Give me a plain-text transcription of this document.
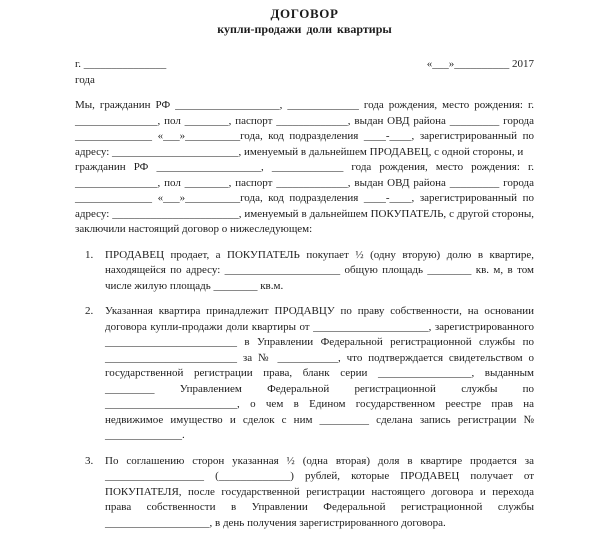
ДОГОВОР
купли-продажи доли квартиры
г. _______________	«___»__________ 2017
года

Мы, гражданин РФ ___________________, _____________ года рождения, место рождения: г. _______________, пол ________, паспорт _____________, выдан ОВД района _________ города ______________ «___»__________года, код подразделения ____-____, зарегистрированный по адресу: _______________________, именуемый в дальнейшем ПРОДАВЕЦ, с одной стороны, и
гражданин РФ ___________________, _____________ года рождения, место рождения: г. _______________, пол ________, паспорт _____________, выдан ОВД района _________ города ______________ «___»__________года, код подразделения ____-____, зарегистрированный по адресу: _______________________, именуемый в дальнейшем ПОКУПАТЕЛЬ, с другой стороны, заключили настоящий договор о нижеследующем:

1.	ПРОДАВЕЦ продает, а ПОКУПАТЕЛЬ покупает ½ (одну вторую) долю в квартире, находящейся по адресу: _____________________ общую площадь ________ кв. м, в том числе жилую площадь ________ кв.м.

2.	Указанная квартира принадлежит ПРОДАВЦУ по праву собственности, на основании договора купли-продажи доли квартиры от _____________________, зарегистрированного ________________________ в Управлении Федеральной регистрационной службы по ________________________ за № ___________, что подтверждается свидетельством о государственной регистрации права, бланк серии _________________, выданным _________ Управлением Федеральной регистрационной службы по ________________________, о чем в Едином государственном реестре прав на недвижимое имущество и сделок с ним _________ сделана запись регистрации № ______________.

3.	По соглашению сторон указанная ½ (одна вторая) доля в квартире продается за __________________ (_____________) рублей, которые ПРОДАВЕЦ получает от ПОКУПАТЕЛЯ, после государственной регистрации настоящего договора и перехода права собственности в Управлении Федеральной регистрационной службы ___________________, в день получения зарегистрированного договора.
